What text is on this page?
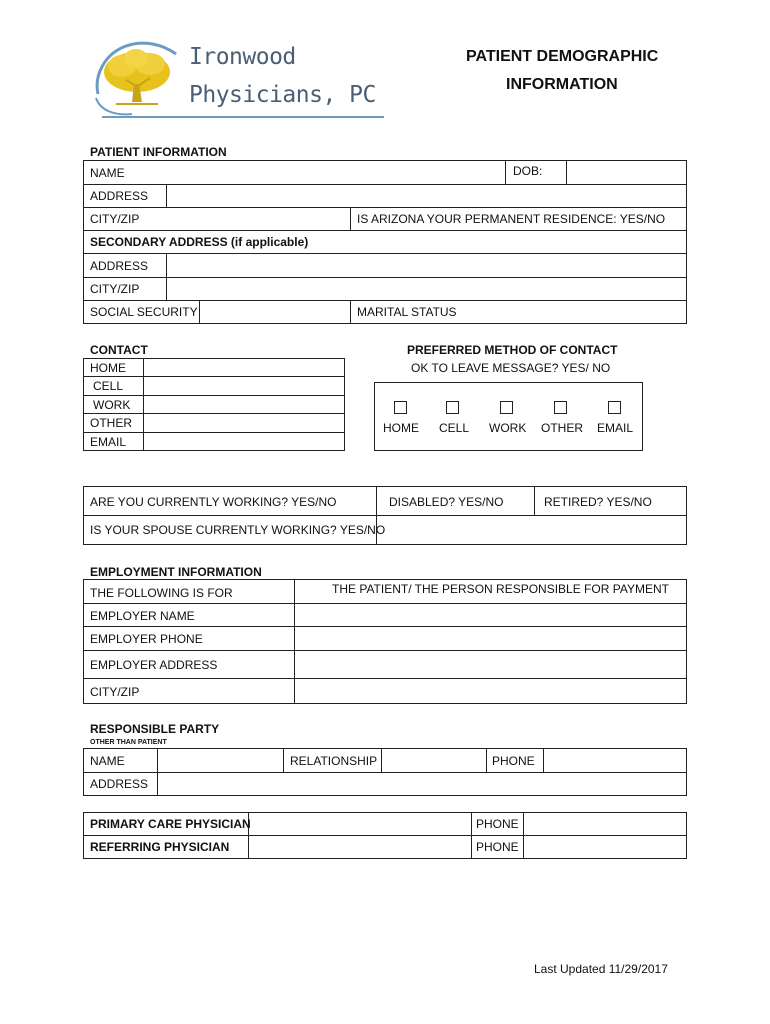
Ironwood
Physicians, PC
PATIENT DEMOGRAPHIC
INFORMATION
PATIENT INFORMATION
NAME	DOB:
ADDRESS
CITY/ZIP	IS ARIZONA YOUR PERMANENT RESIDENCE: YES/NO
SECONDARY ADDRESS (if applicable)
ADDRESS
CITY/ZIP
SOCIAL SECURITY	MARITAL STATUS
CONTACT
HOME
CELL
WORK
OTHER
EMAIL
PREFERRED METHOD OF CONTACT
OK TO LEAVE MESSAGE? YES/ NO
HOME CELL WORK OTHER EMAIL
ARE YOU CURRENTLY WORKING? YES/NO	DISABLED? YES/NO	RETIRED? YES/NO
IS YOUR SPOUSE CURRENTLY WORKING? YES/NO
EMPLOYMENT INFORMATION
THE FOLLOWING IS FOR	THE PATIENT/ THE PERSON RESPONSIBLE FOR PAYMENT
EMPLOYER NAME
EMPLOYER PHONE
EMPLOYER ADDRESS
CITY/ZIP
RESPONSIBLE PARTY
OTHER THAN PATIENT
NAME	RELATIONSHIP	PHONE
ADDRESS
PRIMARY CARE PHYSICIAN	PHONE
REFERRING PHYSICIAN	PHONE
Last Updated 11/29/2017
